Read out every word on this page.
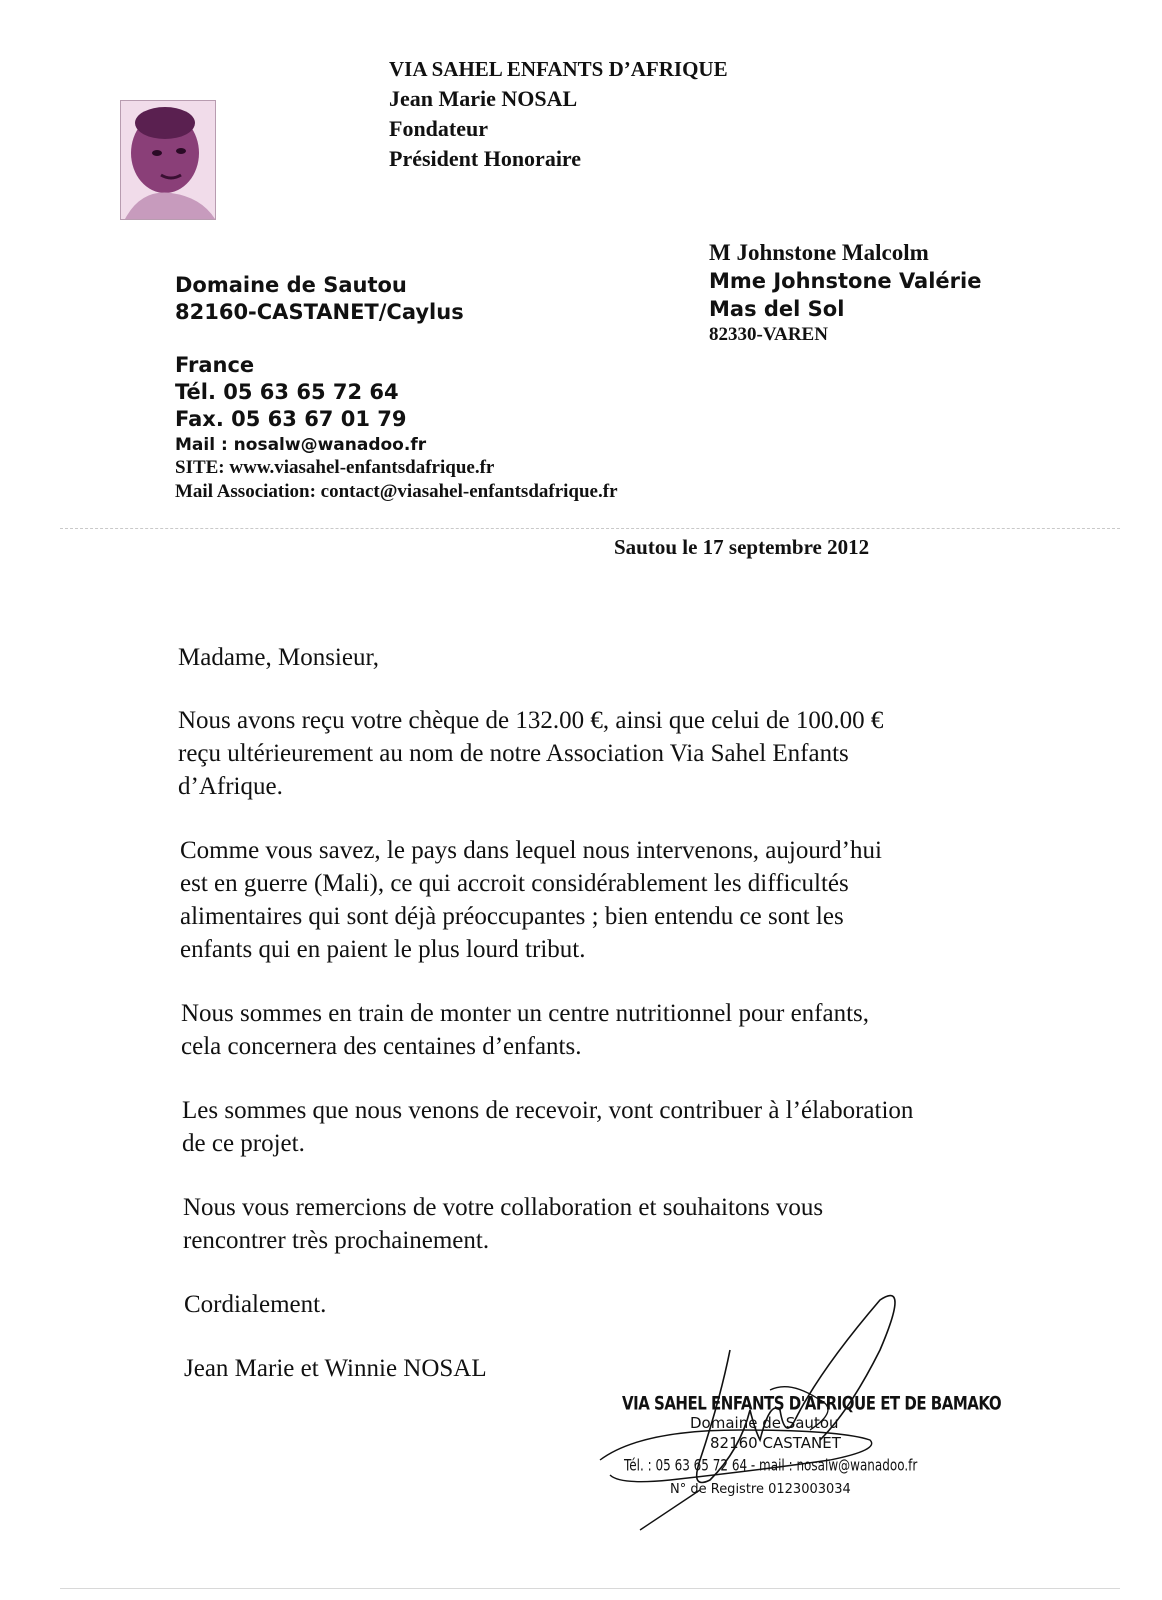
VIA SAHEL ENFANTS D’AFRIQUE
Jean Marie NOSAL
Fondateur
Président Honoraire
Domaine de Sautou
82160-CASTANET/Caylus
France
Tél. 05 63 65 72 64
Fax. 05 63 67 01 79
Mail : nosalw@wanadoo.fr
SITE: www.viasahel-enfantsdafrique.fr
Mail Association: contact@viasahel-enfantsdafrique.fr
M Johnstone Malcolm
Mme Johnstone Valérie
Mas del Sol
82330-VAREN
Sautou le 17 septembre 2012
Madame, Monsieur,
Nous avons reçu votre chèque de 132.00 €, ainsi que celui de 100.00 €
reçu ultérieurement au nom de notre Association Via Sahel Enfants
d’Afrique.
Comme vous savez, le pays dans lequel nous intervenons, aujourd’hui
est en guerre (Mali), ce qui accroit considérablement les difficultés
alimentaires qui sont déjà préoccupantes ; bien entendu ce sont les
enfants qui en paient le plus lourd tribut.
Nous sommes en train de monter un centre nutritionnel pour enfants,
cela concernera des centaines d’enfants.
Les sommes que nous venons de recevoir, vont contribuer à l’élaboration
de ce projet.
Nous vous remercions de votre collaboration et souhaitons vous
rencontrer très prochainement.
Cordialement.
Jean Marie et Winnie NOSAL
VIA SAHEL ENFANTS D'AFRIQUE ET DE BAMAKO
Domaine de Sautou
82160 CASTANET
Tél. : 05 63 65 72 64 - mail : nosalw@wanadoo.fr
N° de Registre 0123003034
